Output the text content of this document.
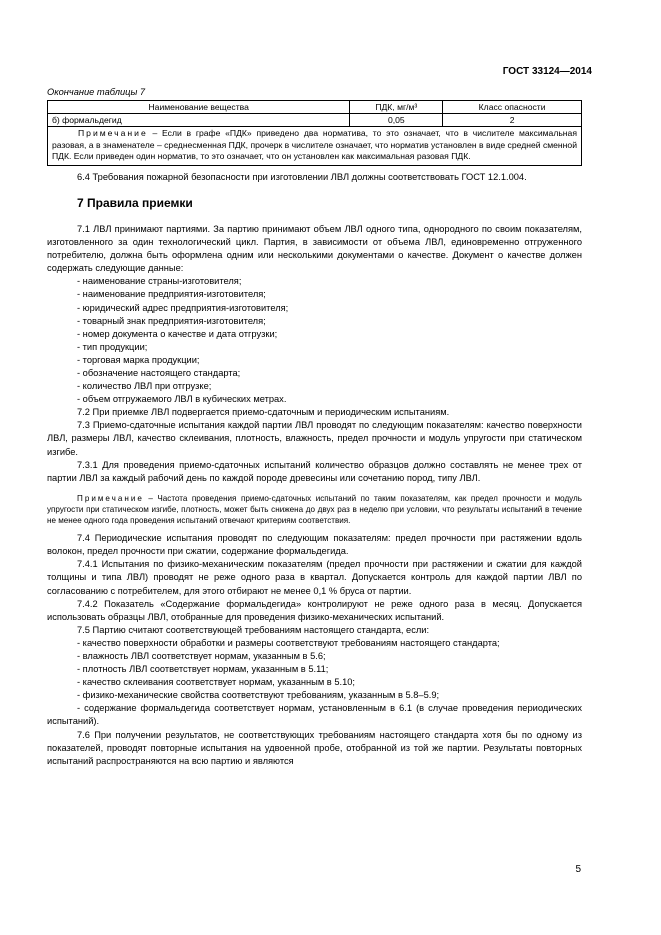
ГОСТ 33124—2014

Окончание таблицы 7

Наименование вещества	ПДК, мг/м³	Класс опасности
б) формальдегид	0,05	2
Примечание – Если в графе «ПДК» приведено два норматива, то это означает, что в числителе максимальная разовая, а в знаменателе – среднесменная ПДК, прочерк в числителе означает, что норматив установлен в виде средней сменной ПДК. Если приведен один норматив, то это означает, что он установлен как максимальная разовая ПДК.		

6.4 Требования пожарной безопасности при изготовлении ЛВЛ должны соответствовать ГОСТ 12.1.004.

7 Правила приемки

7.1 ЛВЛ принимают партиями. За партию принимают объем ЛВЛ одного типа, однородного по своим показателям, изготовленного за один технологический цикл. Партия, в зависимости от объема ЛВЛ, единовременно отгруженного потребителю, должна быть оформлена одним или несколькими документами о качестве. Документ о качестве должен содержать следующие данные:

- наименование страны-изготовителя;

- наименование предприятия-изготовителя;

- юридический адрес предприятия-изготовителя;

- товарный знак предприятия-изготовителя;

- номер документа о качестве и дата отгрузки;

- тип продукции;

- торговая марка продукции;

- обозначение настоящего стандарта;

- количество ЛВЛ при отгрузке;

- объем отгружаемого ЛВЛ в кубических метрах.

7.2 При приемке ЛВЛ подвергается приемо-сдаточным и периодическим испытаниям.

7.3 Приемо-сдаточные испытания каждой партии ЛВЛ проводят по следующим показателям: качество поверхности ЛВЛ, размеры ЛВЛ, качество склеивания, плотность, влажность, предел прочности и модуль упругости при статическом изгибе.

7.3.1 Для проведения приемо-сдаточных испытаний количество образцов должно составлять не менее трех от партии ЛВЛ за каждый рабочий день по каждой породе древесины или сочетанию пород, типу ЛВЛ.

Примечание – Частота проведения приемо-сдаточных испытаний по таким показателям, как предел прочности и модуль упругости при статическом изгибе, плотность, может быть снижена до двух раз в неделю при условии, что результаты испытаний в течение не менее одного года проведения испытаний отвечают критериям соответствия.

7.4 Периодические испытания проводят по следующим показателям: предел прочности при растяжении вдоль волокон, предел прочности при сжатии, содержание формальдегида.

7.4.1 Испытания по физико-механическим показателям (предел прочности при растяжении и сжатии для каждой толщины и типа ЛВЛ) проводят не реже одного раза в квартал. Допускается контроль для каждой партии ЛВЛ по согласованию с потребителем, для этого отбирают не менее 0,1 % бруса от партии.

7.4.2 Показатель «Содержание формальдегида» контролируют не реже одного раза в месяц. Допускается использовать образцы ЛВЛ, отобранные для проведения физико-механических испытаний.

7.5 Партию считают соответствующей требованиям настоящего стандарта, если:

- качество поверхности обработки и размеры соответствуют требованиям настоящего стандарта;

- влажность ЛВЛ соответствует нормам, указанным в 5.6;

- плотность ЛВЛ соответствует нормам, указанным в 5.11;

- качество склеивания соответствует нормам, указанным в 5.10;

- физико-механические свойства соответствуют требованиям, указанным в 5.8–5.9;

- содержание формальдегида соответствует нормам, установленным в 6.1 (в случае проведения периодических испытаний).

7.6 При получении результатов, не соответствующих требованиям настоящего стандарта хотя бы по одному из показателей, проводят повторные испытания на удвоенной пробе, отобранной из той же партии. Результаты повторных испытаний распространяются на всю партию и являются

5
